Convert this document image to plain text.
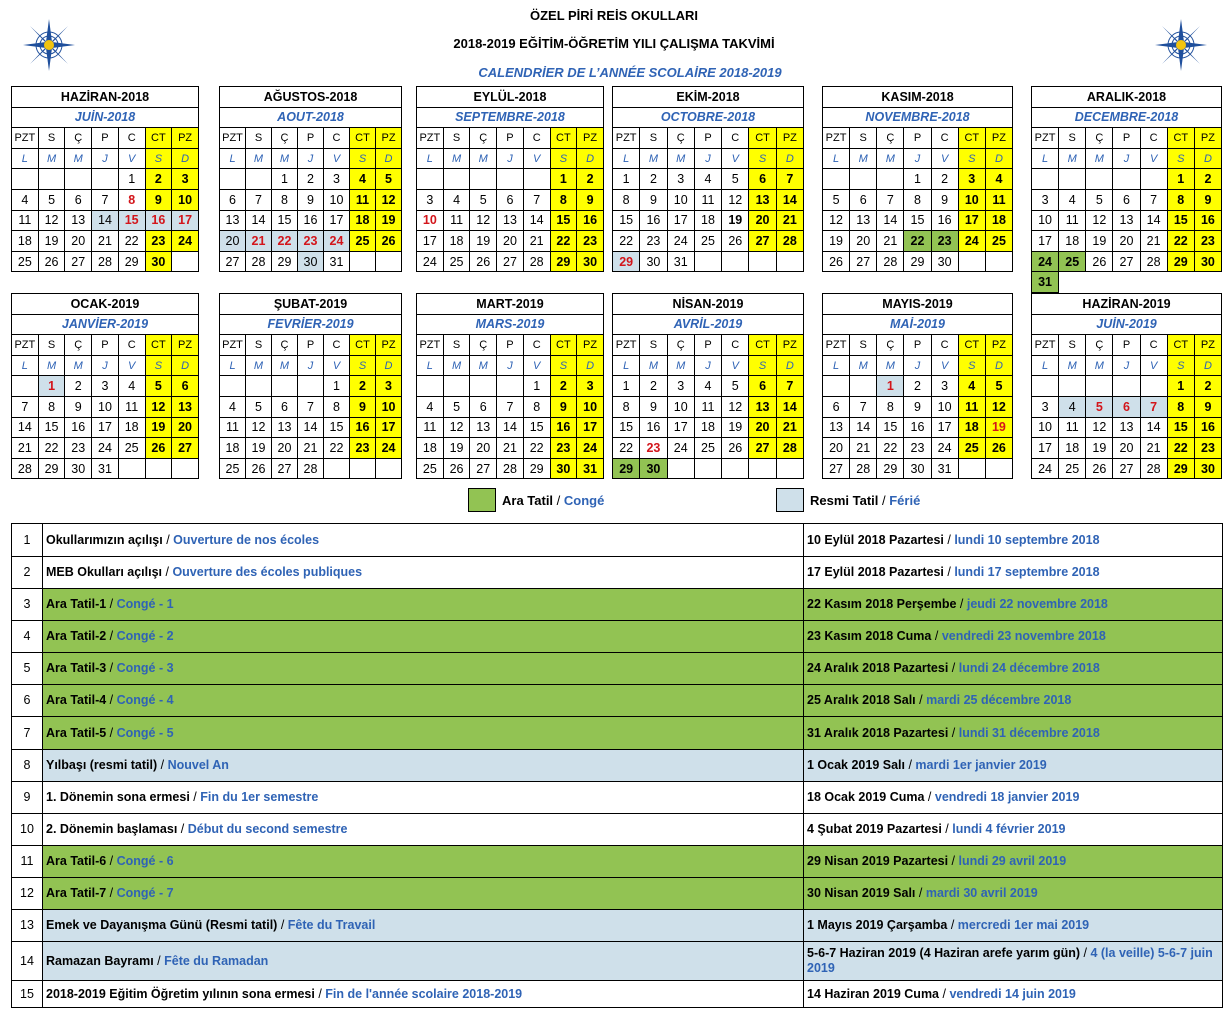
ÖZEL PİRİ REİS OKULLARI
2018-2019 EĞİTİM-ÖĞRETİM YILI ÇALIŞMA TAKVİMİ
CALENDRİER DE L’ANNÉE SCOLAİRE 2018-2019
HAZİRAN-2018						
JUİN-2018						
PZT	S	Ç	P	C	CT	PZ
L	M	M	J	V	S	D
				1	2	3
4	5	6	7	8	9	10
11	12	13	14	15	16	17
18	19	20	21	22	23	24
25	26	27	28	29	30	
AĞUSTOS-2018						
AOUT-2018						
PZT	S	Ç	P	C	CT	PZ
L	M	M	J	V	S	D
		1	2	3	4	5
6	7	8	9	10	11	12
13	14	15	16	17	18	19
20	21	22	23	24	25	26
27	28	29	30	31		
EYLÜL-2018						
SEPTEMBRE-2018						
PZT	S	Ç	P	C	CT	PZ
L	M	M	J	V	S	D
					1	2
3	4	5	6	7	8	9
10	11	12	13	14	15	16
17	18	19	20	21	22	23
24	25	26	27	28	29	30
EKİM-2018						
OCTOBRE-2018						
PZT	S	Ç	P	C	CT	PZ
L	M	M	J	V	S	D
1	2	3	4	5	6	7
8	9	10	11	12	13	14
15	16	17	18	19	20	21
22	23	24	25	26	27	28
29	30	31				
KASIM-2018						
NOVEMBRE-2018						
PZT	S	Ç	P	C	CT	PZ
L	M	M	J	V	S	D
			1	2	3	4
5	6	7	8	9	10	11
12	13	14	15	16	17	18
19	20	21	22	23	24	25
26	27	28	29	30		
ARALIK-2018						
DECEMBRE-2018						
PZT	S	Ç	P	C	CT	PZ
L	M	M	J	V	S	D
					1	2
3	4	5	6	7	8	9
10	11	12	13	14	15	16
17	18	19	20	21	22	23
24	25	26	27	28	29	30
31						
OCAK-2019						
JANVİER-2019						
PZT	S	Ç	P	C	CT	PZ
L	M	M	J	V	S	D
	1	2	3	4	5	6
7	8	9	10	11	12	13
14	15	16	17	18	19	20
21	22	23	24	25	26	27
28	29	30	31			
ŞUBAT-2019						
FEVRİER-2019						
PZT	S	Ç	P	C	CT	PZ
L	M	M	J	V	S	D
				1	2	3
4	5	6	7	8	9	10
11	12	13	14	15	16	17
18	19	20	21	22	23	24
25	26	27	28			
MART-2019						
MARS-2019						
PZT	S	Ç	P	C	CT	PZ
L	M	M	J	V	S	D
				1	2	3
4	5	6	7	8	9	10
11	12	13	14	15	16	17
18	19	20	21	22	23	24
25	26	27	28	29	30	31
NİSAN-2019						
AVRİL-2019						
PZT	S	Ç	P	C	CT	PZ
L	M	M	J	V	S	D
1	2	3	4	5	6	7
8	9	10	11	12	13	14
15	16	17	18	19	20	21
22	23	24	25	26	27	28
29	30					
MAYIS-2019						
MAİ-2019						
PZT	S	Ç	P	C	CT	PZ
L	M	M	J	V	S	D
		1	2	3	4	5
6	7	8	9	10	11	12
13	14	15	16	17	18	19
20	21	22	23	24	25	26
27	28	29	30	31		
HAZİRAN-2019						
JUİN-2019						
PZT	S	Ç	P	C	CT	PZ
L	M	M	J	V	S	D
					1	2
3	4	5	6	7	8	9
10	11	12	13	14	15	16
17	18	19	20	21	22	23
24	25	26	27	28	29	30
Ara Tatil / Congé	Resmi Tatil / Férié
1	Okullarımızın açılışı / Ouverture de nos écoles	10 Eylül 2018 Pazartesi / lundi 10 septembre 2018
2	MEB Okulları açılışı / Ouverture des écoles publiques	17 Eylül 2018 Pazartesi / lundi 17 septembre 2018
3	Ara Tatil-1 / Congé - 1	22 Kasım 2018 Perşembe / jeudi 22 novembre 2018
4	Ara Tatil-2 / Congé - 2	23 Kasım 2018 Cuma / vendredi 23 novembre 2018
5	Ara Tatil-3 / Congé - 3	24 Aralık 2018 Pazartesi / lundi 24 décembre 2018
6	Ara Tatil-4 / Congé - 4	25 Aralık 2018 Salı / mardi 25 décembre 2018
7	Ara Tatil-5 / Congé - 5	31 Aralık 2018 Pazartesi / lundi 31 décembre 2018
8	Yılbaşı (resmi tatil) / Nouvel An	1 Ocak 2019 Salı / mardi 1er janvier 2019
9	1. Dönemin sona ermesi / Fin du 1er semestre	18 Ocak 2019 Cuma / vendredi 18 janvier 2019
10	2. Dönemin başlaması / Début du second semestre	4 Şubat 2019 Pazartesi / lundi 4 février 2019
11	Ara Tatil-6 / Congé - 6	29 Nisan 2019 Pazartesi / lundi 29 avril 2019
12	Ara Tatil-7 / Congé - 7	30 Nisan 2019 Salı / mardi 30 avril 2019
13	Emek ve Dayanışma Günü (Resmi tatil) / Fête du Travail	1 Mayıs 2019 Çarşamba / mercredi 1er mai 2019
14	Ramazan Bayramı / Fête du Ramadan	5-6-7 Haziran 2019 (4 Haziran arefe yarım gün) / 4 (la veille) 5-6-7 juin 2019
15	2018-2019 Eğitim Öğretim yılının sona ermesi / Fin de l'année scolaire 2018-2019	14 Haziran 2019 Cuma / vendredi 14 juin 2019
